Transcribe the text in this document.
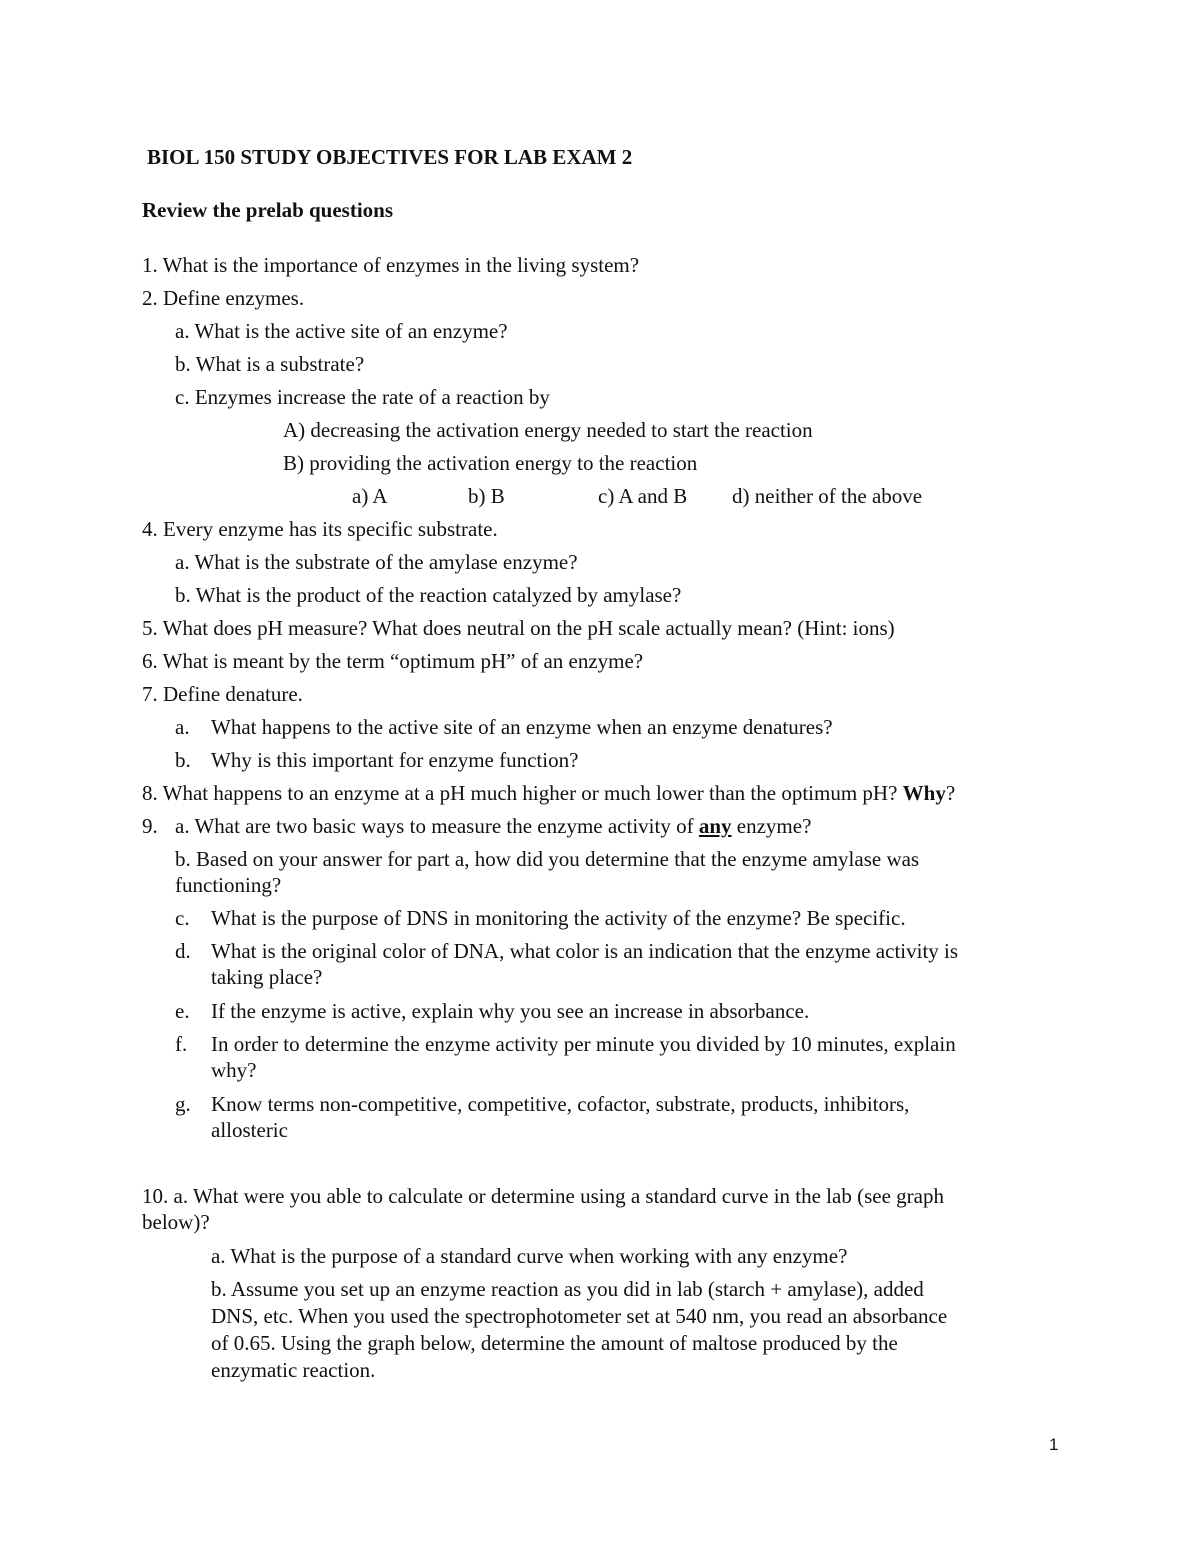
BIOL 150 STUDY OBJECTIVES FOR LAB EXAM 2

Review the prelab questions

1. What is the importance of enzymes in the living system?

2. Define enzymes.

a. What is the active site of an enzyme?

b. What is a substrate?

c. Enzymes increase the rate of a reaction by

A) decreasing the activation energy needed to start the reaction

B) providing the activation energy to the reaction

a) A	b) B	c) A and B d) neither of the above

4. Every enzyme has its specific substrate.

a. What is the substrate of the amylase enzyme?

b. What is the product of the reaction catalyzed by amylase?

5. What does pH measure? What does neutral on the pH scale actually mean? (Hint: ions)

6. What is meant by the term “optimum pH” of an enzyme?

7. Define denature.

a. What happens to the active site of an enzyme when an enzyme denatures?

b. Why is this important for enzyme function?

8. What happens to an enzyme at a pH much higher or much lower than the optimum pH? Why?

9. a. What are two basic ways to measure the enzyme activity of any enzyme?

b. Based on your answer for part a, how did you determine that the enzyme amylase was

functioning?

c. What is the purpose of DNS in monitoring the activity of the enzyme? Be specific.

d. What is the original color of DNA, what color is an indication that the enzyme activity is

taking place?

e. If the enzyme is active, explain why you see an increase in absorbance.

f. In order to determine the enzyme activity per minute you divided by 10 minutes, explain

why?

g. Know terms non-competitive, competitive, cofactor, substrate, products, inhibitors,

allosteric

10. a. What were you able to calculate or determine using a standard curve in the lab (see graph

below)?

a. What is the purpose of a standard curve when working with any enzyme?

b. Assume you set up an enzyme reaction as you did in lab (starch + amylase), added

DNS, etc. When you used the spectrophotometer set at 540 nm, you read an absorbance

of 0.65. Using the graph below, determine the amount of maltose produced by the

enzymatic reaction.

1
